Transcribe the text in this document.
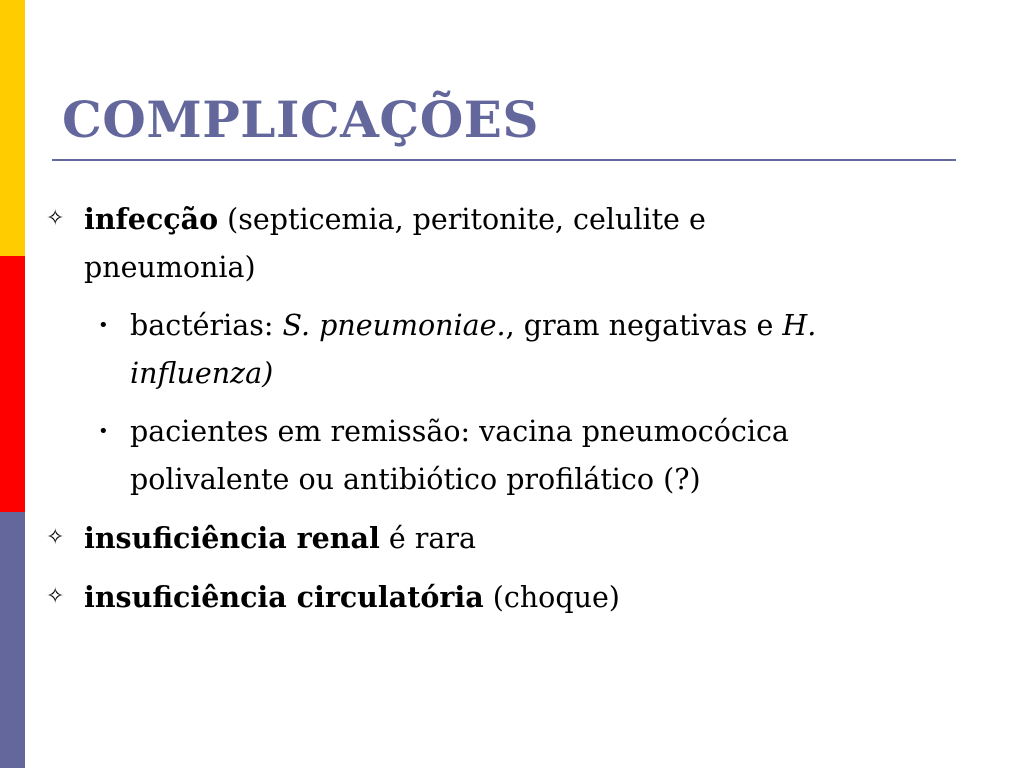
COMPLICAÇÕES
✧ infecção (septicemia, peritonite, celulite e pneumonia)
• bactérias: S. pneumoniae., gram negativas e H. influenza)
• pacientes em remissão: vacina pneumocócica polivalente ou antibiótico profilático (?)
✧ insuficiência renal é rara
✧ insuficiência circulatória (choque)
